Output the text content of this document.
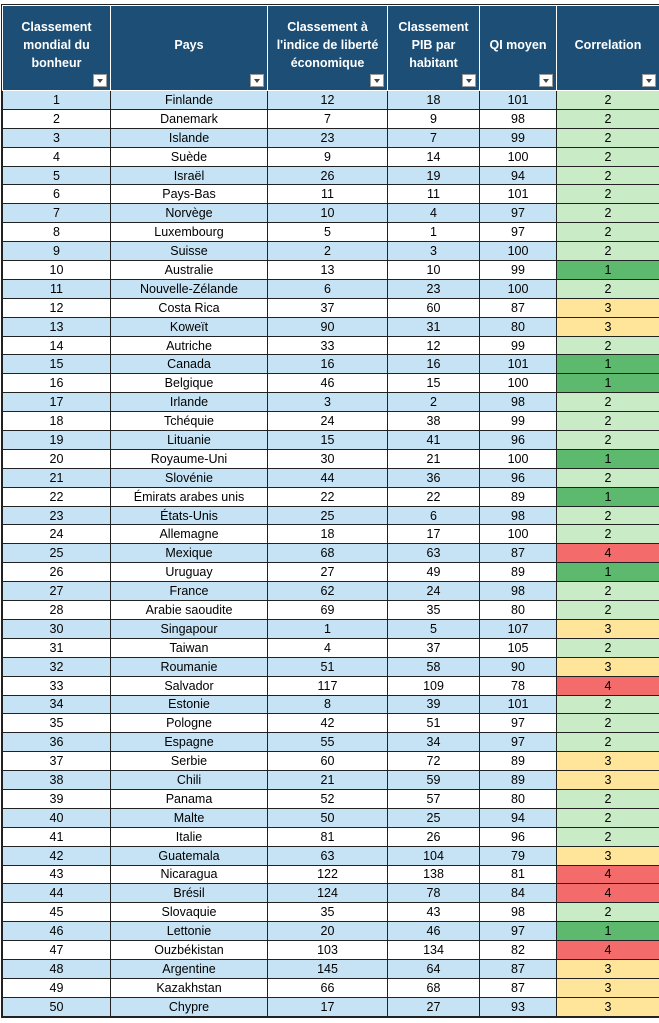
Classement mondial du bonheur	Pays	Classement à l'indice de liberté économique	Classement PIB par habitant	QI moyen	Correlation

1	Finlande	12	18	101	2
2	Danemark	7	9	98	2
3	Islande	23	7	99	2
4	Suède	9	14	100	2
5	Israël	26	19	94	2
6	Pays-Bas	11	11	101	2
7	Norvège	10	4	97	2
8	Luxembourg	5	1	97	2
9	Suisse	2	3	100	2
10	Australie	13	10	99	1
11	Nouvelle-Zélande	6	23	100	2
12	Costa Rica	37	60	87	3
13	Koweït	90	31	80	3
14	Autriche	33	12	99	2
15	Canada	16	16	101	1
16	Belgique	46	15	100	1
17	Irlande	3	2	98	2
18	Tchéquie	24	38	99	2
19	Lituanie	15	41	96	2
20	Royaume-Uni	30	21	100	1
21	Slovénie	44	36	96	2
22	Émirats arabes unis	22	22	89	1
23	États-Unis	25	6	98	2
24	Allemagne	18	17	100	2
25	Mexique	68	63	87	4
26	Uruguay	27	49	89	1
27	France	62	24	98	2
28	Arabie saoudite	69	35	80	2
30	Singapour	1	5	107	3
31	Taiwan	4	37	105	2
32	Roumanie	51	58	90	3
33	Salvador	117	109	78	4
34	Estonie	8	39	101	2
35	Pologne	42	51	97	2
36	Espagne	55	34	97	2
37	Serbie	60	72	89	3
38	Chili	21	59	89	3
39	Panama	52	57	80	2
40	Malte	50	25	94	2
41	Italie	81	26	96	2
42	Guatemala	63	104	79	3
43	Nicaragua	122	138	81	4
44	Brésil	124	78	84	4
45	Slovaquie	35	43	98	2
46	Lettonie	20	46	97	1
47	Ouzbékistan	103	134	82	4
48	Argentine	145	64	87	3
49	Kazakhstan	66	68	87	3
50	Chypre	17	27	93	3
